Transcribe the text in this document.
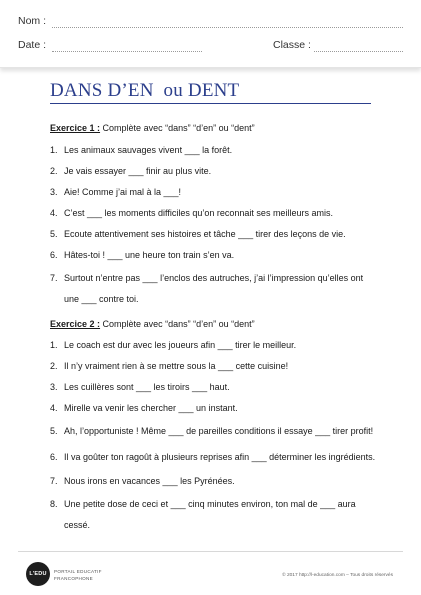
Nom :
Date :	Classe :
DANS D’EN  ou DENT
Exercice 1 : Complète avec “dans” “d’en” ou “dent”
1. Les animaux sauvages vivent ___ la forêt.
2. Je vais essayer ___ finir au plus vite.
3. Aie! Comme j’ai mal à la ___!
4. C’est ___ les moments difficiles qu’on reconnait ses meilleurs amis.
5. Ecoute attentivement ses histoires et tâche ___ tirer des leçons de vie.
6. Hâtes-toi ! ___ une heure ton train s’en va.
7. Surtout n’entre pas ___ l’enclos des autruches, j’ai l’impression qu’elles ont une ___ contre toi.
Exercice 2 : Complète avec “dans” “d’en” ou “dent”
1. Le coach est dur avec les joueurs afin ___ tirer le meilleur.
2. Il n’y vraiment rien à se mettre sous la ___ cette cuisine!
3. Les cuillères sont ___ les tiroirs ___ haut.
4. Mirelle va venir les chercher ___ un instant.
5. Ah, l’opportuniste ! Même ___ de pareilles conditions il essaye ___ tirer profit!
6. Il va goûter ton ragoût à plusieurs reprises afin ___ déterminer les ingrédients.
7. Nous irons en vacances ___ les Pyrénées.
8. Une petite dose de ceci et ___ cinq minutes environ, ton mal de ___ aura cessé.
L'EDU	PORTAIL EDUCATIF
FRANCOPHONE
© 2017 http://l-education.com – Tous droits réservés
